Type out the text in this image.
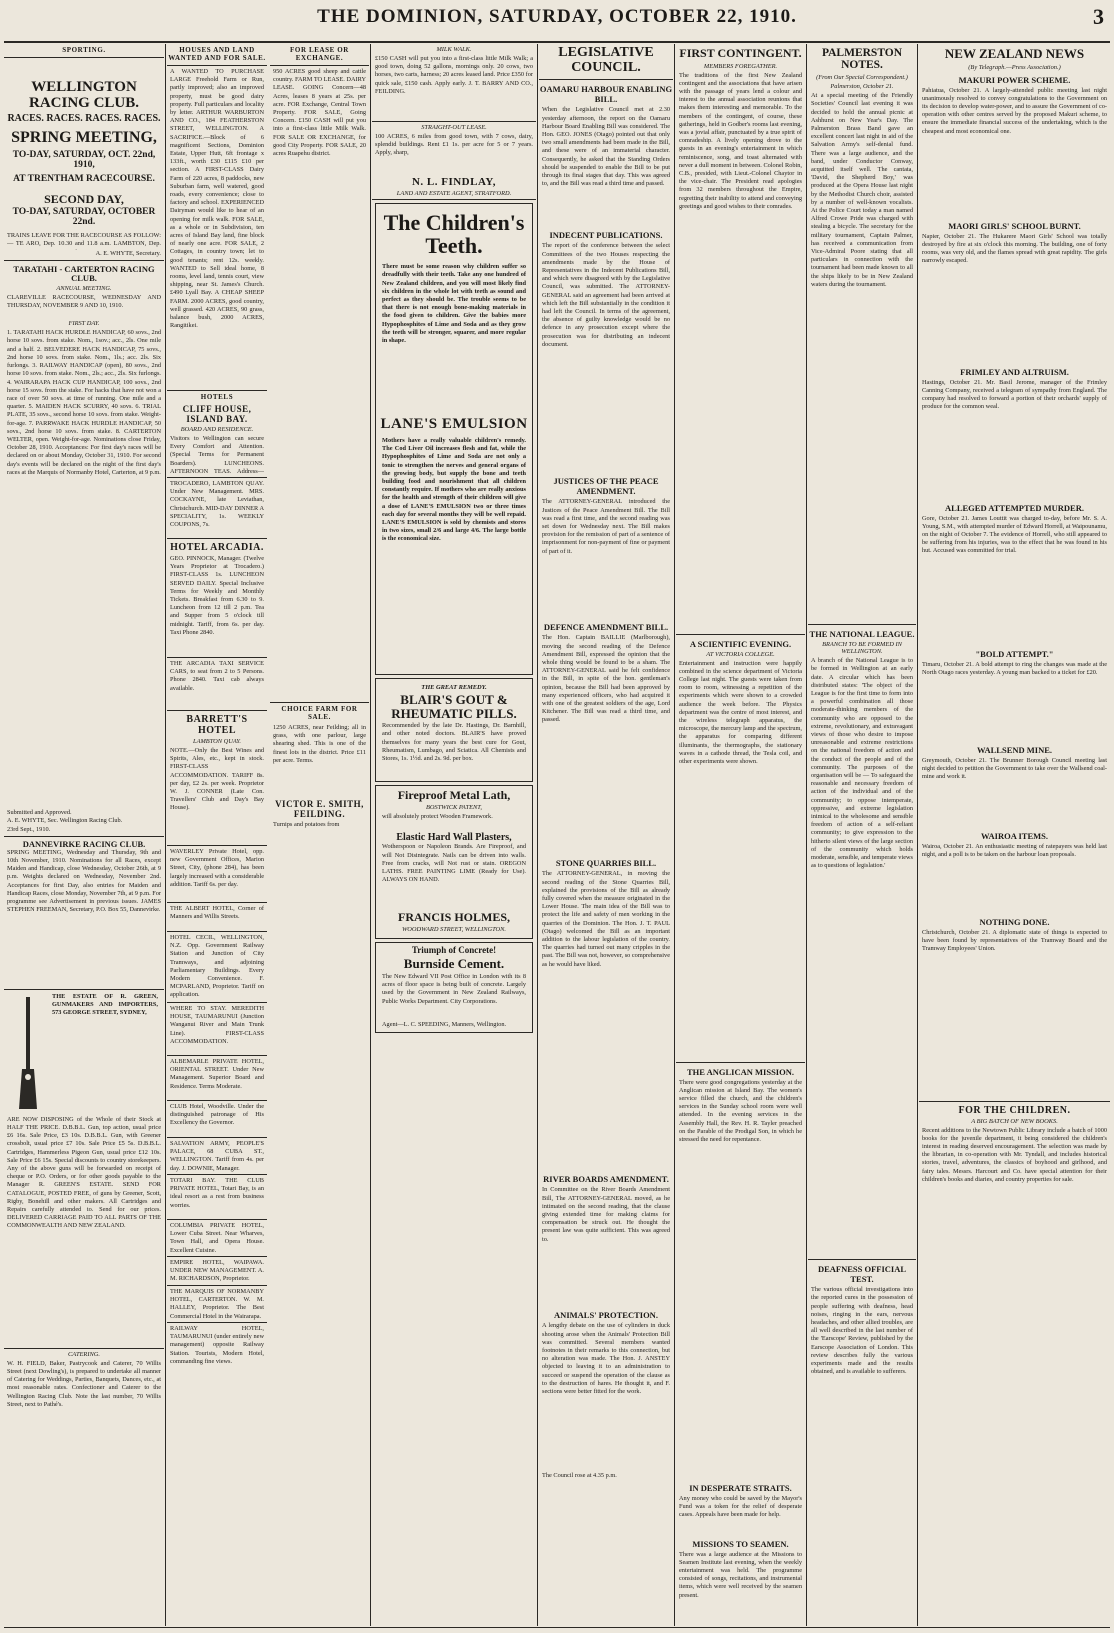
THE DOMINION, SATURDAY, OCTOBER 22, 1910.	3
SPORTING.
WELLINGTON RACING CLUB.
RACES. RACES. RACES. RACES.
SPRING MEETING,
TO-DAY, SATURDAY, OCT. 22nd, 1910,
AT TRENTHAM RACECOURSE.
SECOND DAY,
TO-DAY, SATURDAY, OCTOBER 22nd.
TRAINS LEAVE FOR THE RACECOURSE AS FOLLOW:— TE ARO, Dep. 10.30 and 11.8 a.m. LAMBTON, Dep.
A. E. WHYTE, Secretary.
TARATAHI - CARTERTON RACING CLUB.
ANNUAL MEETING.
CLAREVILLE RACECOURSE, WEDNESDAY AND THURSDAY, NOVEMBER 9 AND 10, 1910.
FIRST DAY.
1. TARATAHI HACK HURDLE HANDICAP, 60 sovs., 2nd horse 10 sovs. from stake. Nom., 1sov.; acc., 2ls. One mile and a half. 2. BELVEDERE HACK HANDICAP, 75 sovs., 2nd horse 10 sovs. from stake. Nom., 1ls.; acc. 2ls. Six furlongs. 3. RAILWAY HANDICAP (open), 80 sovs., 2nd horse 10 sovs. from stake. Nom., 2ls.; acc., 2ls. Six furlongs. 4. WAIRARAPA HACK CUP HANDICAP, 100 sovs., 2nd horse 15 sovs. from the stake. For hacks that have not won a race of over 50 sovs. at time of running. One mile and a quarter. 5. MAIDEN HACK SCURRY, 40 sovs. 6. TRIAL PLATE, 35 sovs., second horse 10 sovs. from stake. Weight-for-age. 7. PARRWAKE HACK HURDLE HANDICAP, 50 sovs., 2nd horse 10 sovs. from stake. 8. CARTERTON WELTER, open. Weight-for-age. Nominations close Friday, October 28, 1910. Acceptances: For first day's races will be declared on or about Monday, October 31, 1910. For second day's events will be declared on the night of the first day's races at the Marquis of Normanby Hotel, Carterton, at 9 p.m.
Submitted and Approved.
A. E. WHYTE, Sec. Wellington Racing Club.
23rd Sept., 1910.
DANNEVIRKE RACING CLUB.
SPRING MEETING, Wednesday and Thursday, 9th and 10th November, 1910. Nominations for all Races, except Maiden and Handicap, close Wednesday, October 26th, at 9 p.m. Weights declared on Wednesday, November 2nd. Acceptances for first Day, also entries for Maiden and Handicap Races, close Monday, November 7th, at 9 p.m. For programme see Advertisement in previous issues. JAMES STEPHEN FREEMAN, Secretary, P.O. Box 55, Dannevirke.
THE ESTATE OF R. GREEN, GUNMAKERS AND IMPORTERS, 573 GEORGE STREET, SYDNEY,
ARE NOW DISPOSING of the Whole of their Stock at HALF THE PRICE. D.B.B.L. Gun, top action, usual price £6 16s. Sale Price, £3 10s. D.B.B.L. Gun, with Greener crossbolt, usual price £7 10s. Sale Price £5 5s. D.B.B.L. Cartridges, Hammerless Pigeon Gun, usual price £12 10s. Sale Price £6 15s. Special discounts to country storekeepers. Any of the above guns will be forwarded on receipt of cheque or P.O. Orders, or for other goods payable to the Manager R. GREEN'S ESTATE. SEND FOR CATALOGUE, POSTED FREE, of guns by Greener, Scott, Rigby, Bonehill and other makers. All Cartridges and Repairs carefully attended to. Send for our prices. DELIVERED CARRIAGE PAID TO ALL PARTS OF THE COMMONWEALTH AND NEW ZEALAND.
CATERING.
W. H. FIELD, Baker, Pastrycook and Caterer, 70 Willis Street (next Dowling's), is prepared to undertake all manner of Catering for Weddings, Parties, Banquets, Dances, etc., at most reasonable rates. Confectioner and Caterer to the Wellington Racing Club. Note the last number, 70 Willis Street, next to Pathé's.
HOUSES AND LAND WANTED AND FOR SALE.
A WANTED TO PURCHASE LARGE Freehold Farm or Run, partly improved; also an improved property, must be good dairy property. Full particulars and locality by letter. ARTHUR WARBURTON AND CO., 184 FEATHERSTON STREET, WELLINGTON. A SACRIFICE.—Block of 6 magnificent Sections, Dominion Estate, Upper Hutt, 6ft frontage x 133ft., worth £30 £115 £10 per section. A FIRST-CLASS Dairy Farm of 220 acres, 8 paddocks, new Suburban farm, well watered, good roads, every convenience; close to factory and school. EXPERIENCED Dairyman would like to hear of an opening for milk walk. FOR SALE, as a whole or in Subdivision, ten acres of Island Bay land, fine block of nearly one acre. FOR SALE, 2 Cottages, in country town; let to good tenants; rent 12s. weekly. WANTED to Sell ideal home, 8 rooms, level land, tennis court, view shipping, near St. James's Church. £490 Lyall Bay. A CHEAP SHEEP FARM. 2000 ACRES, good country, well grassed. 420 ACRES, 90 grass, balance bush, 2000 ACRES, Rangitikei.
HOTELS
CLIFF HOUSE, ISLAND BAY.
BOARD AND RESIDENCE.
Visitors to Wellington can secure Every Comfort and Attention. (Special Terms for Permanent Boarders). LUNCHEONS. AFTERNOON TEAS. Address—
TROCADERO, LAMBTON QUAY. Under New Management. MRS. COCKAYNE, late Leviathan, Christchurch. MID-DAY DINNER A SPECIALITY, 1s. WEEKLY COUPONS, 7s.
HOTEL ARCADIA.
GEO. PINNOCK, Manager. (Twelve Years Proprietor at Trocadero.) FIRST-CLASS 1s. LUNCHEON SERVED DAILY. Special Inclusive Terms for Weekly and Monthly Tickets. Breakfast from 6.30 to 9. Luncheon from 12 till 2 p.m. Tea and Supper from 5 o'clock till midnight. Tariff, from 6s. per day. Taxi Phone 2840.
THE ARCADIA TAXI SERVICE CARS, to seat from 2 to 5 Persons. Phone 2840. Taxi cab always available.
BARRETT'S HOTEL
LAMBTON QUAY.
NOTE.—Only the Best Wines and Spirits, Ales, etc., kept in stock. FIRST-CLASS ACCOMMODATION. TARIFF 8s. per day, £2 2s. per week. Proprietor W. J. CONNER (Late Con. Travellers' Club and Day's Bay House).
WAVERLEY Private Hotel, opp. new Government Offices, Marion Street, City, (phone 284), has been largely increased with a considerable addition. Tariff 6s. per day.
THE ALBERT HOTEL, Corner of Manners and Willis Streets.
HOTEL CECIL, WELLINGTON, N.Z. Opp. Government Railway Station and Junction of City Tramways, and adjoining Parliamentary Buildings. Every Modern Convenience. F. MCPARLAND, Proprietor. Tariff on application.
WHERE TO STAY. MEREDITH HOUSE, TAUMARUNUI (Junction Wanganui River and Main Trunk Line). FIRST-CLASS ACCOMMODATION.
ALBEMARLE PRIVATE HOTEL, ORIENTAL STREET. Under New Management. Superior Board and Residence. Terms Moderate.
CLUB Hotel, Woodville. Under the distinguished patronage of His Excellency the Governor.
SALVATION ARMY, PEOPLE'S PALACE, 68 CUBA ST., WELLINGTON. Tariff from 4s. per day. J. DOWNIE, Manager.
TOTARI BAY. THE CLUB PRIVATE HOTEL, Totari Bay, is an ideal resort as a rest from business worries.
COLUMBIA PRIVATE HOTEL, Lower Cuba Street. Near Wharves, Town Hall, and Opera House. Excellent Cuisine.
EMPIRE HOTEL, WAIPAWA. UNDER NEW MANAGEMENT. A. M. RICHARDSON, Proprietor.
THE MARQUIS OF NORMANBY HOTEL, CARTERTON. W. M. HALLEY, Proprietor. The Best Commercial Hotel in the Wairarapa.
RAILWAY HOTEL, TAUMARUNUI (under entirely new management) opposite Railway Station. Tourists, Modern Hotel, commanding fine views.
FOR LEASE OR EXCHANGE.
950 ACRES good sheep and cattle country. FARM TO LEASE. DAIRY LEASE. GOING Concern—48 Acres, leases 8 years at 25s. per acre. FOR Exchange, Central Town Property. FOR SALE, Going Concern. £150 CASH will put you into a first-class little Milk Walk. FOR SALE OR EXCHANGE, for good City Property. FOR SALE, 20 acres Ruapehu district.
MILK WALK.
£150 CASH will put you into a first-class little Milk Walk; a good town, doing 52 gallons, mornings only. 20 cows, two horses, two carts, harness; 20 acres leased land. Price £350 for quick sale, £150 cash. Apply early. J. T. BARRY AND CO., FEILDING.
STRAIGHT-OUT LEASE.
100 ACRES, 6 miles from good town, with 7 cows, dairy, splendid buildings. Rent £1 1s. per acre for 5 or 7 years. Apply, sharp,
N. L. FINDLAY,
LAND AND ESTATE AGENT, STRATFORD.
The Children's Teeth.
There must be some reason why children suffer so dreadfully with their teeth. Take any one hundred of New Zealand children, and you will most likely find six children in the whole lot with teeth as sound and perfect as they should be. The trouble seems to be that there is not enough bone-making materials in the food given to children. Give the babies more Hypophosphites of Lime and Soda and as they grow the teeth will be stronger, squarer, and more regular in shape.
LANE'S EMULSION
Mothers have a really valuable children's remedy. The Cod Liver Oil increases flesh and fat, while the Hypophosphites of Lime and Soda are not only a tonic to strengthen the nerves and general organs of the growing body, but supply the bone and teeth building food and nourishment that all children constantly require. If mothers who are really anxious for the health and strength of their children will give a dose of LANE'S EMULSION two or three times each day for several months they will be well repaid. LANE'S EMULSION is sold by chemists and stores in two sizes, small 2/6 and large 4/6. The large bottle is the economical size.
THE GREAT REMEDY.
BLAIR'S GOUT & RHEUMATIC PILLS.
Recommended by the late Dr. Hastings, Dr. Barnhill, and other noted doctors. BLAIR'S have proved themselves for many years the best cure for Gout, Rheumatism, Lumbago, and Sciatica. All Chemists and Stores, 1s. 1½d. and 2s. 9d. per box.
Fireproof Metal Lath,
BOSTWICK PATENT,
will absolutely protect Wooden Framework.
Elastic Hard Wall Plasters,
Wotherspoon or Napoleon Brands. Are Fireproof, and will Not Disintegrate. Nails can be driven into walls. Free from cracks, will Not rust or stain. OREGON LATHS. FREE PAINTING LIME (Ready for Use). ALWAYS ON HAND.
FRANCIS HOLMES,
WOODWARD STREET, WELLINGTON.
Triumph of Concrete!
Burnside Cement.
The New Edward VII Post Office in London with its 8 acres of floor space is being built of concrete. Largely used by the Government in New Zealand Railways, Public Works Department. City Corporations.
Agent—L. C. SPEEDING, Manners, Wellington.
CHOICE FARM FOR SALE.
1250 ACRES, near Feilding; all in grass, with one parlour, large shearing shed. This is one of the finest lots in the district. Price £11 per acre. Terms.
VICTOR E. SMITH, FEILDING.
Turnips and potatoes from
LEGISLATIVE COUNCIL.
OAMARU HARBOUR ENABLING BILL.
When the Legislative Council met at 2.30 yesterday afternoon, the report on the Oamaru Harbour Board Enabling Bill was considered. The Hon. GEO. JONES (Otago) pointed out that only two small amendments had been made in the Bill, and these were of an immaterial character. Consequently, he asked that the Standing Orders should be suspended to enable the Bill to be put through its final stages that day. This was agreed to, and the Bill was read a third time and passed.
INDECENT PUBLICATIONS.
The report of the conference between the select Committees of the two Houses respecting the amendments made by the House of Representatives in the Indecent Publications Bill, and which were disagreed with by the Legislative Council, was submitted. The ATTORNEY-GENERAL said an agreement had been arrived at which left the Bill substantially in the condition it had left the Council. In terms of the agreement, the absence of guilty knowledge would be no defence in any prosecution except where the prosecution was for distributing an indecent document.
JUSTICES OF THE PEACE AMENDMENT.
The ATTORNEY-GENERAL introduced the Justices of the Peace Amendment Bill. The Bill was read a first time, and the second reading was set down for Wednesday next. The Bill makes provision for the remission of part of a sentence of imprisonment for non-payment of fine or payment of part of it.
DEFENCE AMENDMENT BILL.
The Hon. Captain BAILLIE (Marlborough), moving the second reading of the Defence Amendment Bill, expressed the opinion that the whole thing would be found to be a sham. The ATTORNEY-GENERAL said he felt confidence in the Bill, in spite of the hon. gentleman's opinion, because the Bill had been approved by many experienced officers, who had acquired it with one of the greatest soldiers of the age, Lord Kitchener. The Bill was read a third time, and passed.
STONE QUARRIES BILL.
The ATTORNEY-GENERAL, in moving the second reading of the Stone Quarries Bill, explained the provisions of the Bill as already fully covered when the measure originated in the Lower House. The main idea of the Bill was to protect the life and safety of men working in the quarries of the Dominion. The Hon. J. T. PAUL (Otago) welcomed the Bill as an important addition to the labour legislation of the country. The quarries had turned out many cripples in the past. The Bill was not, however, so comprehensive as he would have liked.
RIVER BOARDS AMENDMENT.
In Committee on the River Boards Amendment Bill, The ATTORNEY-GENERAL moved, as he intimated on the second reading, that the clause giving extended time for making claims for compensation be struck out. He thought the present law was quite sufficient. This was agreed to.
ANIMALS' PROTECTION.
A lengthy debate on the use of cylinders in duck shooting arose when the Animals' Protection Bill was committed. Several members wanted footnotes in their remarks to this connection, but no alteration was made. The Hon. J. ANSTEY objected to leaving it to an administration to succeed or suspend the operation of the clause as to the destruction of hares. He thought it, and F. sections were better fitted for the work.
The Council rose at 4.35 p.m.
FIRST CONTINGENT.
MEMBERS FOREGATHER.
The traditions of the first New Zealand contingent and the associations that have arisen with the passage of years lend a colour and interest to the annual association reunions that makes them interesting and memorable. To the members of the contingent, of course, these gatherings, held in Godber's rooms last evening, was a jovial affair, punctuated by a true spirit of comradeship. A lively opening drove to the guests in an evening's entertainment in which reminiscence, song, and toast alternated with never a dull moment in between. Colonel Robin, C.B., presided, with Lieut.-Colonel Chaytor in the vice-chair. The President read apologies from 32 members throughout the Empire, regretting their inability to attend and conveying greetings and good wishes to their comrades.
A SCIENTIFIC EVENING.
AT VICTORIA COLLEGE.
Entertainment and instruction were happily combined in the science department of Victoria College last night. The guests were taken from room to room, witnessing a repetition of the experiments which were shown to a crowded audience the week before. The Physics department was the centre of most interest, and the wireless telegraph apparatus, the microscope, the mercury lamp and the spectrum, the apparatus for comparing different illuminants, the thermographs, the stationary waves in a cathode thread, the Tesla coil, and other experiments were shown.
THE ANGLICAN MISSION.
There were good congregations yesterday at the Anglican mission at Island Bay. The women's service filled the church, and the children's services in the Sunday school room were well attended. In the evening services in the Assembly Hall, the Rev. H. R. Tayler preached on the Parable of the Prodigal Son, in which he stressed the need for repentance.
IN DESPERATE STRAITS.
Any money who could be saved by the Mayor's Fund was a token for the relief of desperate cases. Appeals have been made for help.
MISSIONS TO SEAMEN.
There was a large audience at the Missions to Seamen Institute last evening, when the weekly entertainment was held. The programme consisted of songs, recitations, and instrumental items, which were well received by the seamen present.
PALMERSTON NOTES.
(From Our Special Correspondent.)
Palmerston, October 21.
At a special meeting of the Friendly Societies' Council last evening it was decided to hold the annual picnic at Ashhurst on New Year's Day. The Palmerston Brass Band gave an excellent concert last night in aid of the Salvation Army's self-denial fund. There was a large audience, and the band, under Conductor Conway, acquitted itself well. The cantata, 'David, the Shepherd Boy,' was produced at the Opera House last night by the Methodist Church choir, assisted by a number of well-known vocalists. At the Police Court today a man named Alfred Crowe Pride was charged with stealing a bicycle. The secretary for the military tournament, Captain Palmer, has received a communication from Vice-Admiral Poore stating that all particulars in connection with the tournament had been made known to all the ships likely to be in New Zealand waters during the tournament.
THE NATIONAL LEAGUE.
BRANCH TO BE FORMED IN WELLINGTON.
A branch of the National League is to be formed in Wellington at an early date. A circular which has been distributed states: 'The object of the League is for the first time to form into a powerful combination all those moderate-thinking members of the community who are opposed to the extreme, revolutionary, and extravagant views of those who desire to impose unreasonable and extreme restrictions on the national freedom of action and the conduct of the people and of the community. The purposes of the organisation will be — To safeguard the reasonable and necessary freedom of action of the individual and of the community; to oppose intemperate, oppressive, and extreme legislation inimical to the wholesome and sensible freedom of action of a self-reliant community; to give expression to the hitherto silent views of the large section of the community which holds moderate, sensible, and temperate views as to questions of legislation.'
DEAFNESS OFFICIAL TEST.
The various official investigations into the reported cures in the possession of people suffering with deafness, head noises, ringing in the ears, nervous headaches, and other allied troubles, are all well described in the last number of the 'Earscope' Review, published by the Earscope Association of London. This review describes fully the various experiments made and the results obtained, and is available to sufferers.
NEW ZEALAND NEWS
(By Telegraph.—Press Association.)
MAKURI POWER SCHEME.
Pahiatua, October 21. A largely-attended public meeting last night unanimously resolved to convey congratulations to the Government on its decision to develop water-power, and to assure the Government of co-operation with other centres served by the proposed Makuri scheme, to ensure the immediate financial success of the undertaking, which is the cheapest and most economical one.
MAORI GIRLS' SCHOOL BURNT.
Napier, October 21. The Hukarere Maori Girls' School was totally destroyed by fire at six o'clock this morning. The building, one of forty rooms, was very old, and the flames spread with great rapidity. The girls narrowly escaped.
FRIMLEY AND ALTRUISM.
Hastings, October 21. Mr. Basil Jerome, manager of the Frimley Canning Company, received a telegram of sympathy from England. The company had resolved to forward a portion of their orchards' supply of produce for the common weal.
ALLEGED ATTEMPTED MURDER.
Gore, October 21. James Louttit was charged to-day, before Mr. S. A. Young, S.M., with attempted murder of Edward Horrell, at Waipounamu, on the night of October 7. The evidence of Horrell, who still appeared to be suffering from his injuries, was to the effect that he was found in his hut. Accused was committed for trial.
"BOLD ATTEMPT."
Timaru, October 21. A bold attempt to ring the changes was made at the North Otago races yesterday. A young man backed to a ticket for £20.
WALLSEND MINE.
Greymouth, October 21. The Brunner Borough Council meeting last night decided to petition the Government to take over the Wallsend coal-mine and work it.
WAIROA ITEMS.
Wairoa, October 21. An enthusiastic meeting of ratepayers was held last night, and a poll is to be taken on the harbour loan proposals.
NOTHING DONE.
Christchurch, October 21. A diplomatic state of things is expected to have been found by representatives of the Tramway Board and the Tramway Employees' Union.
FOR THE CHILDREN.
A BIG BATCH OF NEW BOOKS.
Recent additions to the Newtown Public Library include a batch of 1000 books for the juvenile department, it being considered the children's interest in reading deserved encouragement. The selection was made by the librarian, in co-operation with Mr. Tyndall, and includes historical stories, travel, adventures, the classics of boyhood and girlhood, and fairy tales. Messrs. Harcourt and Co. have special attention for their children's books and diaries, and country properties for sale.
